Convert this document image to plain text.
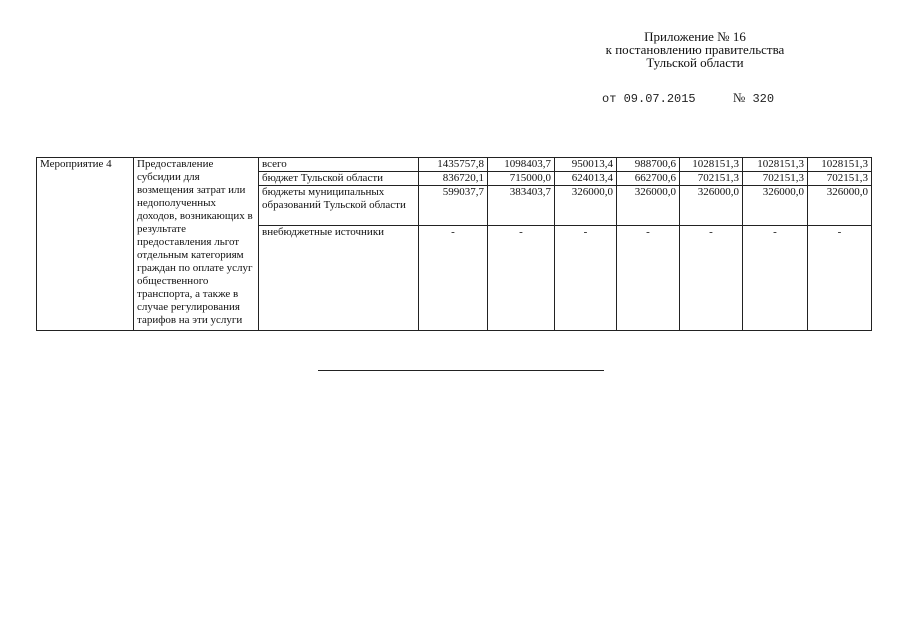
Приложение № 16
к постановлению правительства
Тульской области
от 09.07.2015	№ 320
Мероприятие 4	Предоставление субсидии для возмещения затрат или недополученных доходов, возникающих в результате предоставления льгот отдельным категориям граждан по оплате услуг общественного транспорта, а также в случае регулирования тарифов на эти услуги	всего	1435757,8	1098403,7	950013,4	988700,6	1028151,3	1028151,3	1028151,3
		бюджет Тульской области	836720,1	715000,0	624013,4	662700,6	702151,3	702151,3	702151,3
		бюджеты муниципальных образований Тульской области	599037,7	383403,7	326000,0	326000,0	326000,0	326000,0	326000,0
		внебюджетные источники	-	-	-	-	-	-	-
